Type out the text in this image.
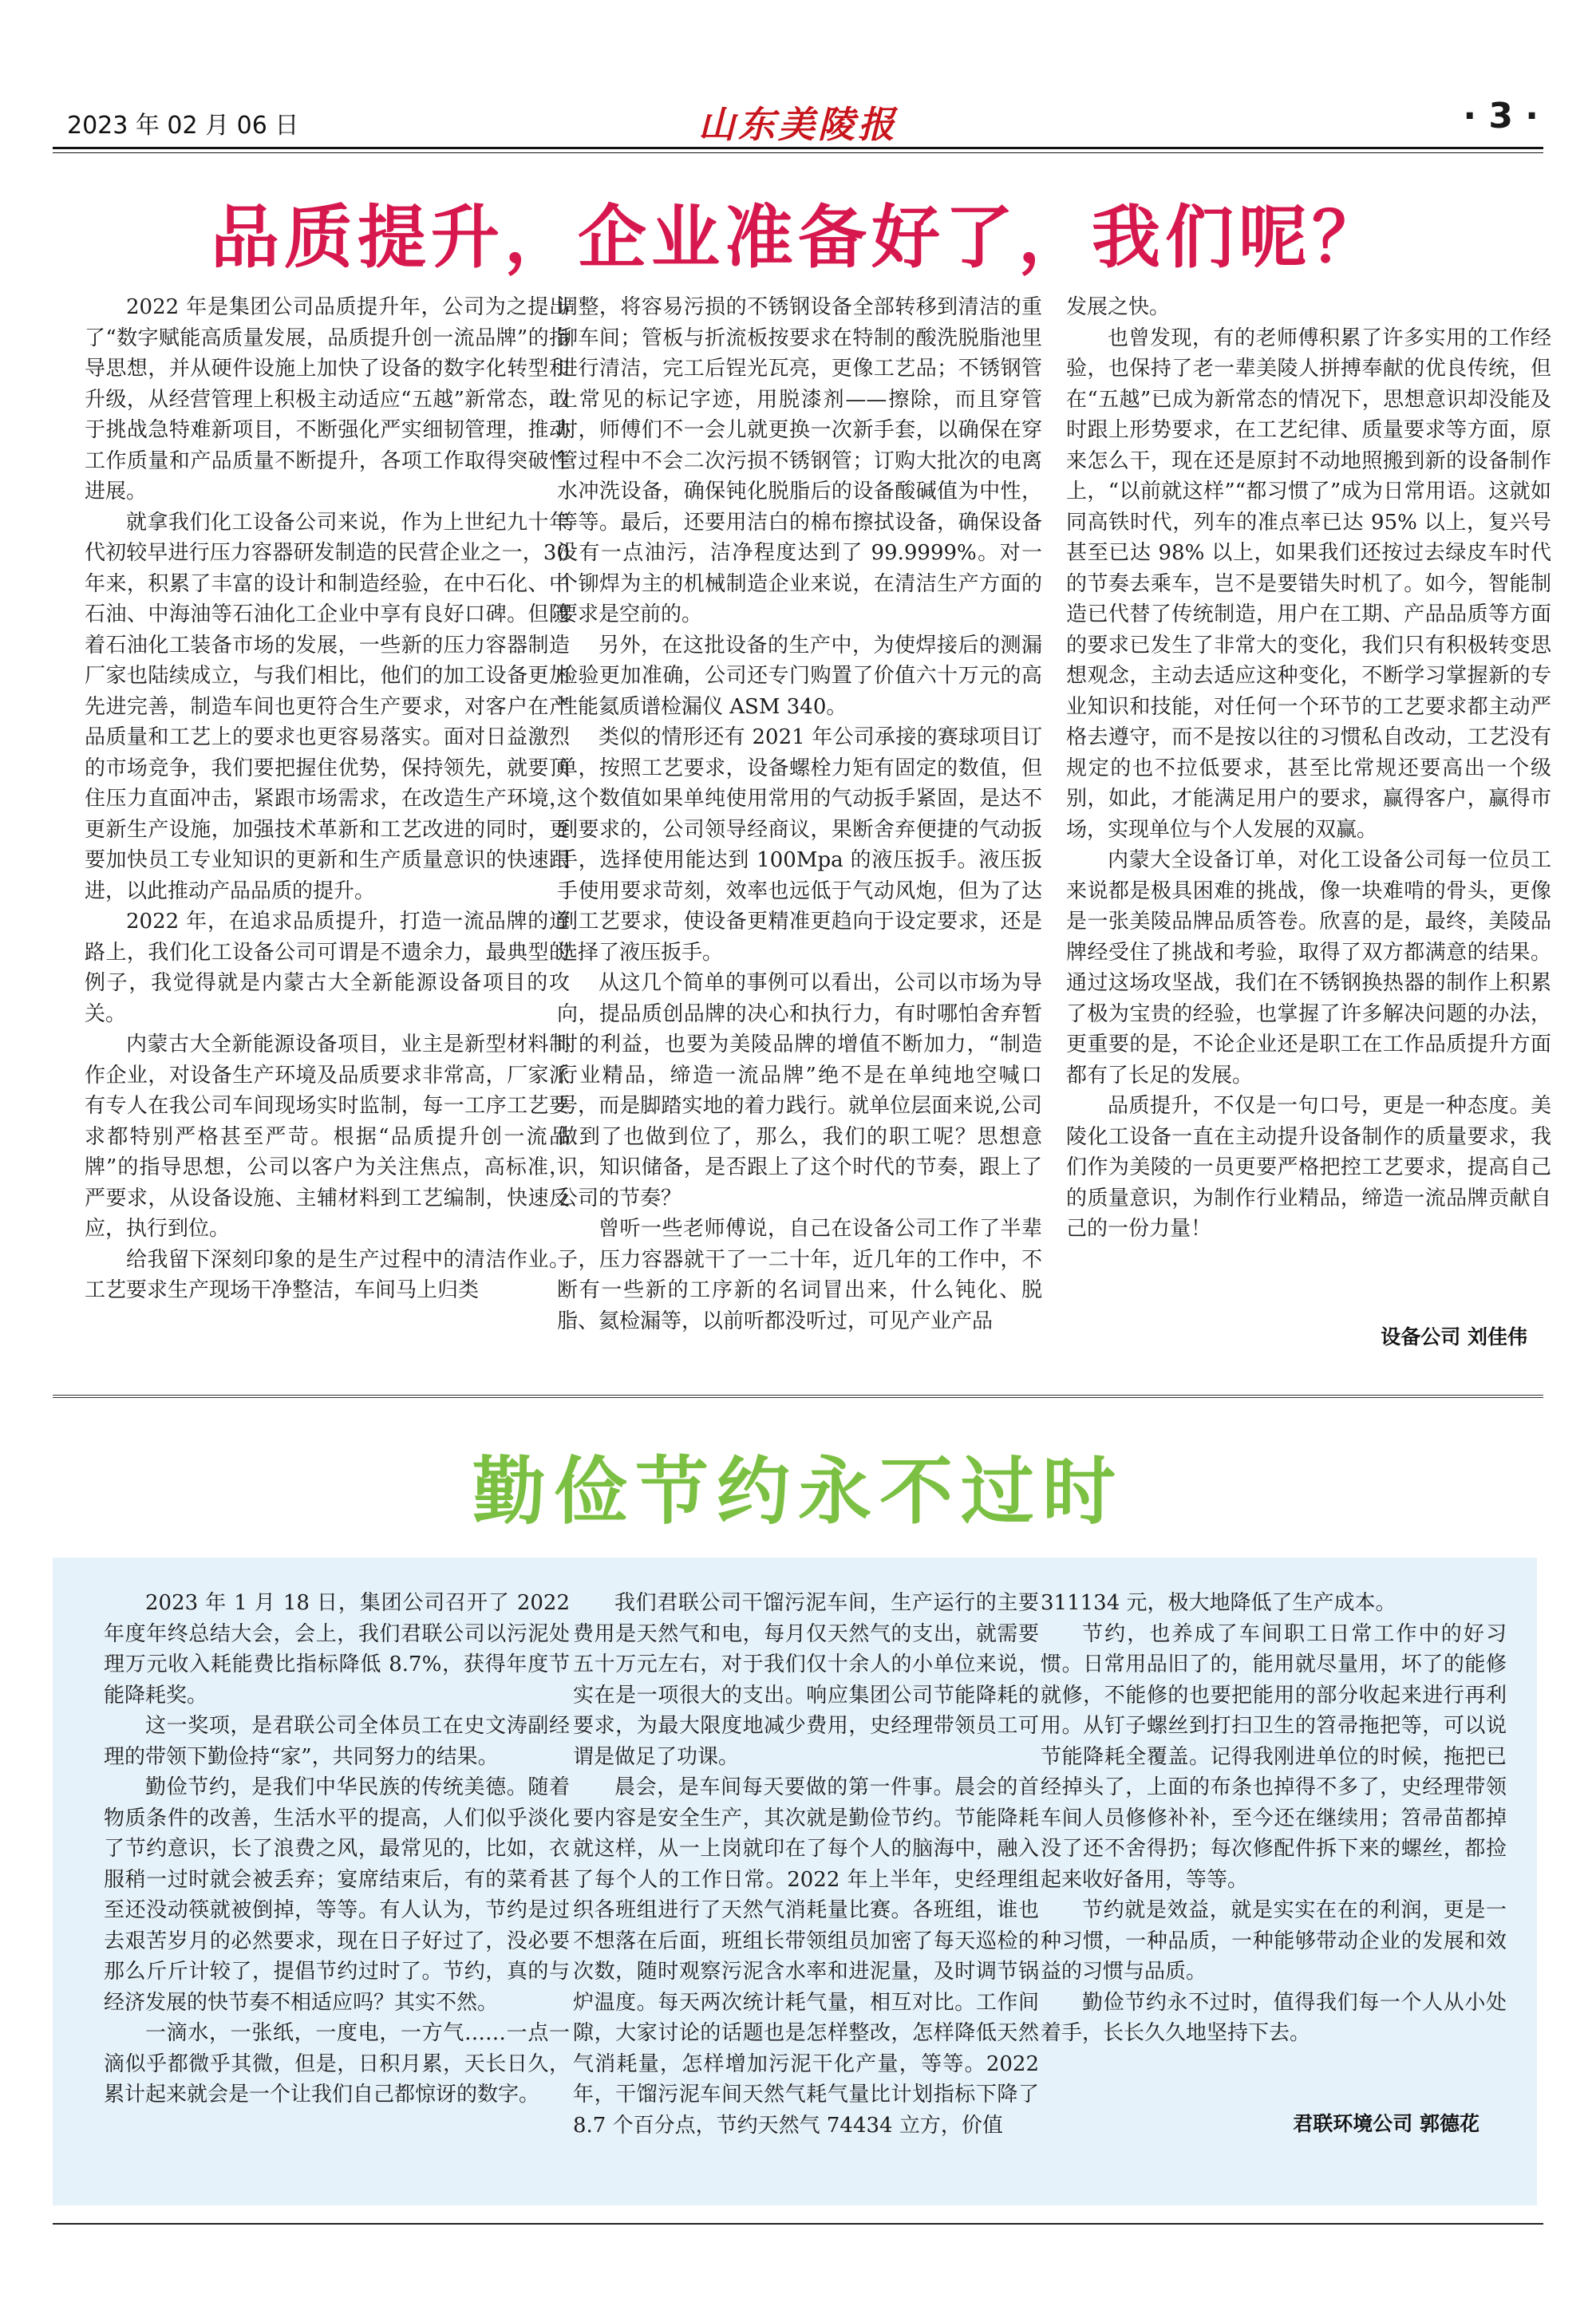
2023 年 02 月 06 日	山东美陵报	· 3 ·
品质提升，企业准备好了，我们呢？

2022 年是集团公司品质提升年，公司为之提出了“数字赋能高质量发展，品质提升创一流品牌”的指导思想，并从硬件设施上加快了设备的数字化转型和升级，从经营管理上积极主动适应“五越”新常态，敢于挑战急特难新项目，不断强化严实细韧管理，推动工作质量和产品质量不断提升，各项工作取得突破性进展。

就拿我们化工设备公司来说，作为上世纪九十年代初较早进行压力容器研发制造的民营企业之一，30 年来，积累了丰富的设计和制造经验，在中石化、中石油、中海油等石油化工企业中享有良好口碑。但随着石油化工装备市场的发展，一些新的压力容器制造厂家也陆续成立，与我们相比，他们的加工设备更加先进完善，制造车间也更符合生产要求，对客户在产品质量和工艺上的要求也更容易落实。面对日益激烈的市场竞争，我们要把握住优势，保持领先，就要顶住压力直面冲击，紧跟市场需求，在改造生产环境，更新生产设施，加强技术革新和工艺改进的同时，更要加快员工专业知识的更新和生产质量意识的快速跟进，以此推动产品品质的提升。

2022 年，在追求品质提升，打造一流品牌的道路上，我们化工设备公司可谓是不遗余力，最典型的例子，我觉得就是内蒙古大全新能源设备项目的攻关。

内蒙古大全新能源设备项目，业主是新型材料制作企业，对设备生产环境及品质要求非常高，厂家派有专人在我公司车间现场实时监制，每一工序工艺要求都特别严格甚至严苛。根据“品质提升创一流品牌”的指导思想，公司以客户为关注焦点，高标准，严要求，从设备设施、主辅材料到工艺编制，快速反应，执行到位。

给我留下深刻印象的是生产过程中的清洁作业。工艺要求生产现场干净整洁，车间马上归类

调整，将容易污损的不锈钢设备全部转移到清洁的重铆车间；管板与折流板按要求在特制的酸洗脱脂池里进行清洁，完工后锃光瓦亮，更像工艺品；不锈钢管上常见的标记字迹，用脱漆剂——擦除，而且穿管时，师傅们不一会儿就更换一次新手套，以确保在穿管过程中不会二次污损不锈钢管；订购大批次的电离水冲洗设备，确保钝化脱脂后的设备酸碱值为中性，等等。最后，还要用洁白的棉布擦拭设备，确保设备没有一点油污，洁净程度达到了 99.9999%。对一个铆焊为主的机械制造企业来说，在清洁生产方面的要求是空前的。

另外，在这批设备的生产中，为使焊接后的测漏检验更加准确，公司还专门购置了价值六十万元的高性能氦质谱检漏仪 ASM 340。

类似的情形还有 2021 年公司承接的赛球项目订单，按照工艺要求，设备螺栓力矩有固定的数值，但这个数值如果单纯使用常用的气动扳手紧固，是达不到要求的，公司领导经商议，果断舍弃便捷的气动扳手，选择使用能达到 100Mpa 的液压扳手。液压扳手使用要求苛刻，效率也远低于气动风炮，但为了达到工艺要求，使设备更精准更趋向于设定要求，还是选择了液压扳手。

从这几个简单的事例可以看出，公司以市场为导向，提品质创品牌的决心和执行力，有时哪怕舍弃暂时的利益，也要为美陵品牌的增值不断加力，“制造行业精品，缔造一流品牌”绝不是在单纯地空喊口号，而是脚踏实地的着力践行。就单位层面来说,公司做到了也做到位了，那么，我们的职工呢？思想意识，知识储备，是否跟上了这个时代的节奏，跟上了公司的节奏？

曾听一些老师傅说，自己在设备公司工作了半辈子，压力容器就干了一二十年，近几年的工作中，不断有一些新的工序新的名词冒出来，什么钝化、脱脂、氦检漏等，以前听都没听过，可见产业产品

发展之快。

也曾发现，有的老师傅积累了许多实用的工作经验，也保持了老一辈美陵人拼搏奉献的优良传统，但在“五越”已成为新常态的情况下，思想意识却没能及时跟上形势要求，在工艺纪律、质量要求等方面，原来怎么干，现在还是原封不动地照搬到新的设备制作上，“以前就这样”“都习惯了”成为日常用语。这就如同高铁时代，列车的准点率已达 95% 以上，复兴号甚至已达 98% 以上，如果我们还按过去绿皮车时代的节奏去乘车，岂不是要错失时机了。如今，智能制造已代替了传统制造，用户在工期、产品品质等方面的要求已发生了非常大的变化，我们只有积极转变思想观念，主动去适应这种变化，不断学习掌握新的专业知识和技能，对任何一个环节的工艺要求都主动严格去遵守，而不是按以往的习惯私自改动，工艺没有规定的也不拉低要求，甚至比常规还要高出一个级别，如此，才能满足用户的要求，赢得客户，赢得市场，实现单位与个人发展的双赢。

内蒙大全设备订单，对化工设备公司每一位员工来说都是极具困难的挑战，像一块难啃的骨头，更像是一张美陵品牌品质答卷。欣喜的是，最终，美陵品牌经受住了挑战和考验，取得了双方都满意的结果。通过这场攻坚战，我们在不锈钢换热器的制作上积累了极为宝贵的经验，也掌握了许多解决问题的办法，更重要的是，不论企业还是职工在工作品质提升方面都有了长足的发展。

品质提升，不仅是一句口号，更是一种态度。美陵化工设备一直在主动提升设备制作的质量要求，我们作为美陵的一员更要严格把控工艺要求，提高自己的质量意识，为制作行业精品，缔造一流品牌贡献自己的一份力量！

设备公司 刘佳伟
勤俭节约永不过时

2023 年 1 月 18 日，集团公司召开了 2022 年度年终总结大会，会上，我们君联公司以污泥处理万元收入耗能费比指标降低 8.7%，获得年度节能降耗奖。

这一奖项，是君联公司全体员工在史文涛副经理的带领下勤俭持“家”，共同努力的结果。

勤俭节约，是我们中华民族的传统美德。随着物质条件的改善，生活水平的提高，人们似乎淡化了节约意识，长了浪费之风，最常见的，比如，衣服稍一过时就会被丢弃；宴席结束后，有的菜肴甚至还没动筷就被倒掉，等等。有人认为，节约是过去艰苦岁月的必然要求，现在日子好过了，没必要那么斤斤计较了，提倡节约过时了。节约，真的与经济发展的快节奏不相适应吗？其实不然。

一滴水，一张纸，一度电，一方气……一点一滴似乎都微乎其微，但是，日积月累，天长日久，累计起来就会是一个让我们自己都惊讶的数字。

我们君联公司干馏污泥车间，生产运行的主要费用是天然气和电，每月仅天然气的支出，就需要五十万元左右，对于我们仅十余人的小单位来说，实在是一项很大的支出。响应集团公司节能降耗的要求，为最大限度地减少费用，史经理带领员工可谓是做足了功课。

晨会，是车间每天要做的第一件事。晨会的首要内容是安全生产，其次就是勤俭节约。节能降耗就这样，从一上岗就印在了每个人的脑海中，融入了每个人的工作日常。2022 年上半年，史经理组织各班组进行了天然气消耗量比赛。各班组，谁也不想落在后面，班组长带领组员加密了每天巡检的次数，随时观察污泥含水率和进泥量，及时调节锅炉温度。每天两次统计耗气量，相互对比。工作间隙，大家讨论的话题也是怎样整改，怎样降低天然气消耗量，怎样增加污泥干化产量，等等。2022 年，干馏污泥车间天然气耗气量比计划指标下降了 8.7 个百分点，节约天然气 74434 立方，价值

311134 元，极大地降低了生产成本。

节约，也养成了车间职工日常工作中的好习惯。日常用品旧了的，能用就尽量用，坏了的能修就修，不能修的也要把能用的部分收起来进行再利用。从钉子螺丝到打扫卫生的笤帚拖把等，可以说节能降耗全覆盖。记得我刚进单位的时候，拖把已经掉头了，上面的布条也掉得不多了，史经理带领车间人员修修补补，至今还在继续用；笤帚苗都掉没了还不舍得扔；每次修配件拆下来的螺丝，都捡起来收好备用，等等。

节约就是效益，就是实实在在的利润，更是一种习惯，一种品质，一种能够带动企业的发展和效益的习惯与品质。

勤俭节约永不过时，值得我们每一个人从小处着手，长长久久地坚持下去。

君联环境公司 郭德花
